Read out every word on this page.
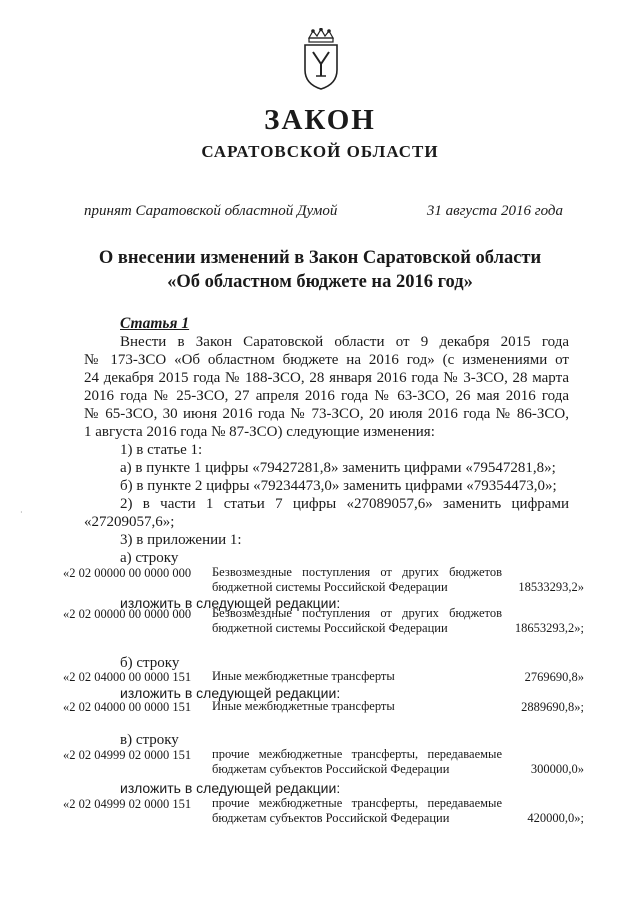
ЗАКОН
САРАТОВСКОЙ ОБЛАСТИ
принят Саратовской областной Думой	31 августа 2016 года
О внесении изменений в Закон Саратовской области
«Об областном бюджете на 2016 год»
Статья 1
Внести в Закон Саратовской области от 9 декабря 2015 года
№ 173-ЗСО «Об областном бюджете на 2016 год» (с изменениями от
24 декабря 2015 года № 188-ЗСО, 28 января 2016 года № 3-ЗСО, 28 марта
2016 года № 25-ЗСО, 27 апреля 2016 года № 63-ЗСО, 26 мая 2016 года
№ 65-ЗСО, 30 июня 2016 года № 73-ЗСО, 20 июля 2016 года № 86-ЗСО,
1 августа 2016 года № 87-ЗСО) следующие изменения:
1) в статье 1:
а) в пункте 1 цифры «79427281,8» заменить цифрами «79547281,8»;
б) в пункте 2 цифры «79234473,0» заменить цифрами «79354473,0»;
2) в части 1 статьи 7 цифры «27089057,6» заменить цифрами
«27209057,6»;
3) в приложении 1:
а) строку
«2 02 00000 00 0000 000 Безвозмездные поступления от других бюджетов
бюджетной системы Российской Федерации	18533293,2»
изложить в следующей редакции:
«2 02 00000 00 0000 000 Безвозмездные поступления от других бюджетов
бюджетной системы Российской Федерации	18653293,2»;
б) строку
«2 02 04000 00 0000 151 Иные межбюджетные трансферты	2769690,8»
изложить в следующей редакции:
«2 02 04000 00 0000 151 Иные межбюджетные трансферты	2889690,8»;
в) строку
«2 02 04999 02 0000 151 прочие межбюджетные трансферты, передаваемые
бюджетам субъектов Российской Федерации	300000,0»
изложить в следующей редакции:
«2 02 04999 02 0000 151 прочие межбюджетные трансферты, передаваемые
бюджетам субъектов Российской Федерации	420000,0»;
·
